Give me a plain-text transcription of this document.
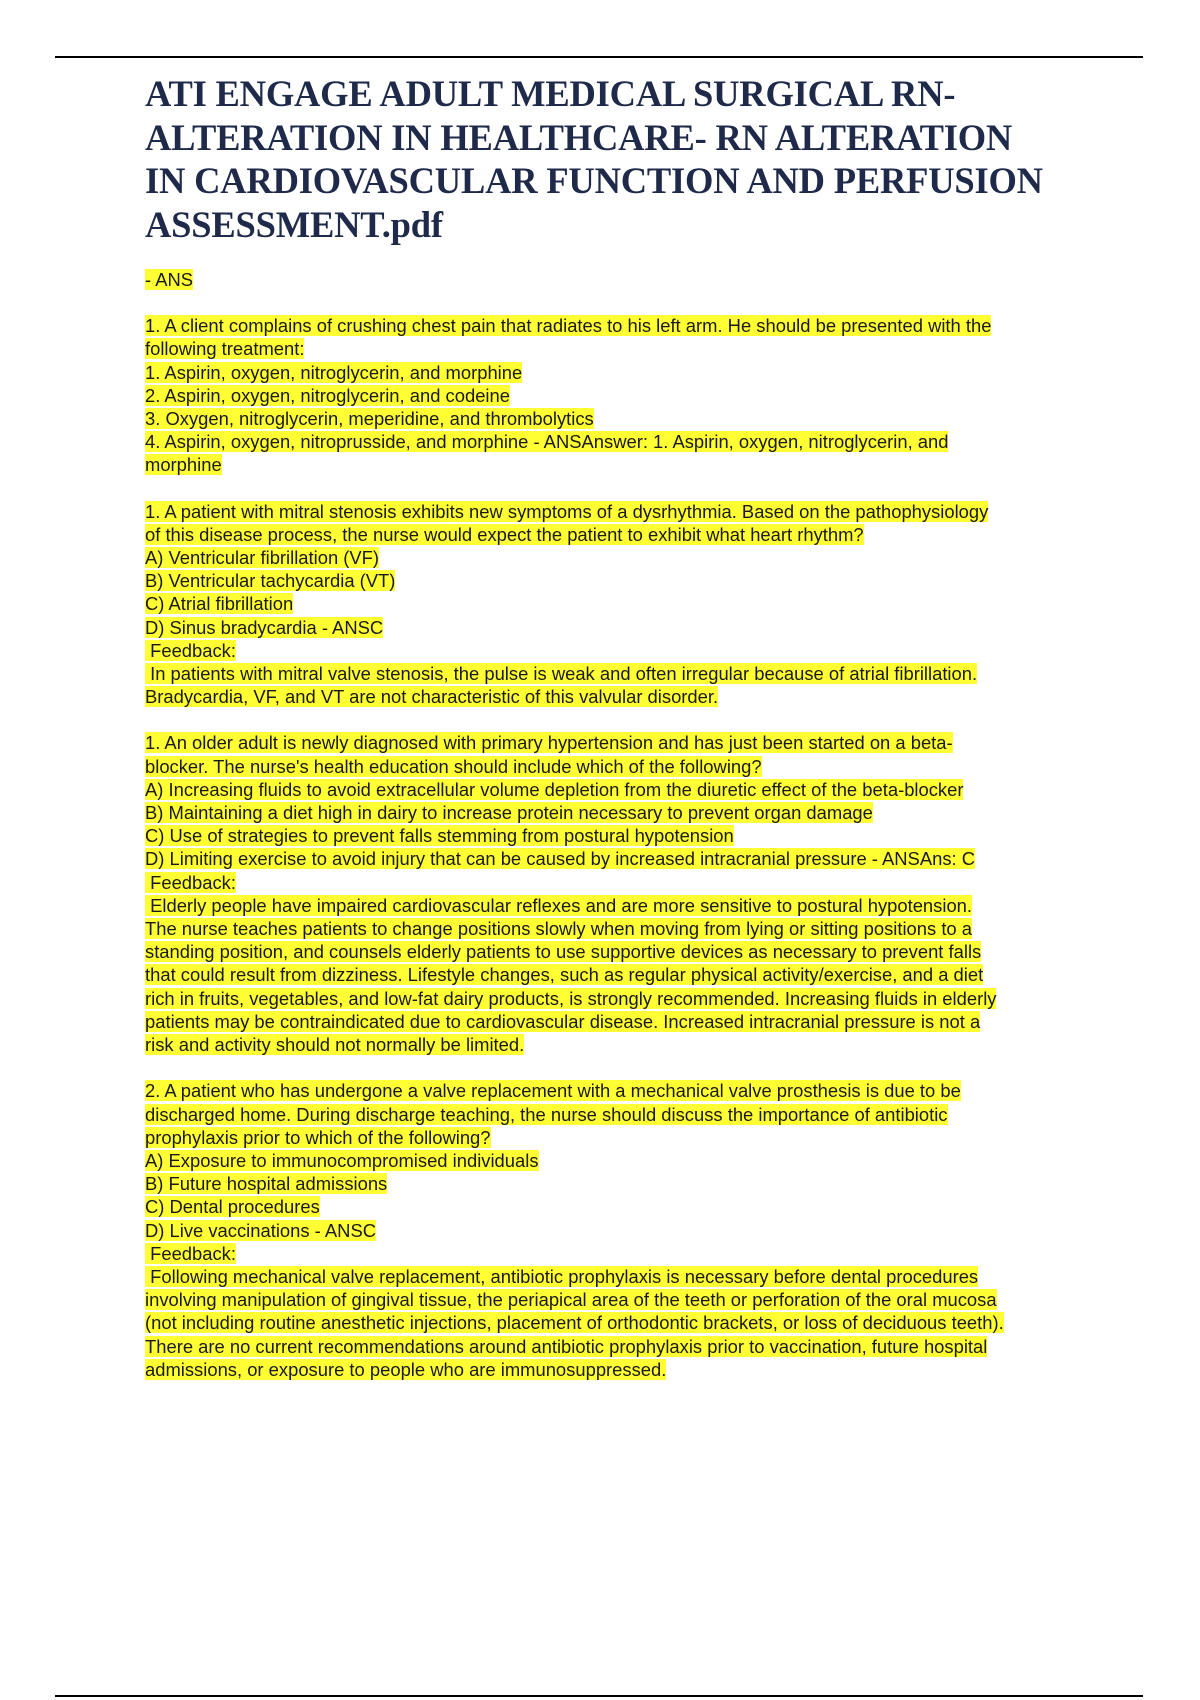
ATI ENGAGE ADULT MEDICAL SURGICAL RN-
ALTERATION IN HEALTHCARE- RN ALTERATION
IN CARDIOVASCULAR FUNCTION AND PERFUSION
ASSESSMENT.pdf
- ANS
1. A client complains of crushing chest pain that radiates to his left arm. He should be presented with the
following treatment:
1. Aspirin, oxygen, nitroglycerin, and morphine
2. Aspirin, oxygen, nitroglycerin, and codeine
3. Oxygen, nitroglycerin, meperidine, and thrombolytics
4. Aspirin, oxygen, nitroprusside, and morphine - ANSAnswer: 1. Aspirin, oxygen, nitroglycerin, and
morphine
1. A patient with mitral stenosis exhibits new symptoms of a dysrhythmia. Based on the pathophysiology
of this disease process, the nurse would expect the patient to exhibit what heart rhythm?
A) Ventricular fibrillation (VF)
B) Ventricular tachycardia (VT)
C) Atrial fibrillation
D) Sinus bradycardia - ANSC
Feedback:
In patients with mitral valve stenosis, the pulse is weak and often irregular because of atrial fibrillation.
Bradycardia, VF, and VT are not characteristic of this valvular disorder.
1. An older adult is newly diagnosed with primary hypertension and has just been started on a beta-
blocker. The nurse's health education should include which of the following?
A) Increasing fluids to avoid extracellular volume depletion from the diuretic effect of the beta-blocker
B) Maintaining a diet high in dairy to increase protein necessary to prevent organ damage
C) Use of strategies to prevent falls stemming from postural hypotension
D) Limiting exercise to avoid injury that can be caused by increased intracranial pressure - ANSAns: C
Feedback:
Elderly people have impaired cardiovascular reflexes and are more sensitive to postural hypotension.
The nurse teaches patients to change positions slowly when moving from lying or sitting positions to a
standing position, and counsels elderly patients to use supportive devices as necessary to prevent falls
that could result from dizziness. Lifestyle changes, such as regular physical activity/exercise, and a diet
rich in fruits, vegetables, and low-fat dairy products, is strongly recommended. Increasing fluids in elderly
patients may be contraindicated due to cardiovascular disease. Increased intracranial pressure is not a
risk and activity should not normally be limited.
2. A patient who has undergone a valve replacement with a mechanical valve prosthesis is due to be
discharged home. During discharge teaching, the nurse should discuss the importance of antibiotic
prophylaxis prior to which of the following?
A) Exposure to immunocompromised individuals
B) Future hospital admissions
C) Dental procedures
D) Live vaccinations - ANSC
Feedback:
Following mechanical valve replacement, antibiotic prophylaxis is necessary before dental procedures
involving manipulation of gingival tissue, the periapical area of the teeth or perforation of the oral mucosa
(not including routine anesthetic injections, placement of orthodontic brackets, or loss of deciduous teeth).
There are no current recommendations around antibiotic prophylaxis prior to vaccination, future hospital
admissions, or exposure to people who are immunosuppressed.
